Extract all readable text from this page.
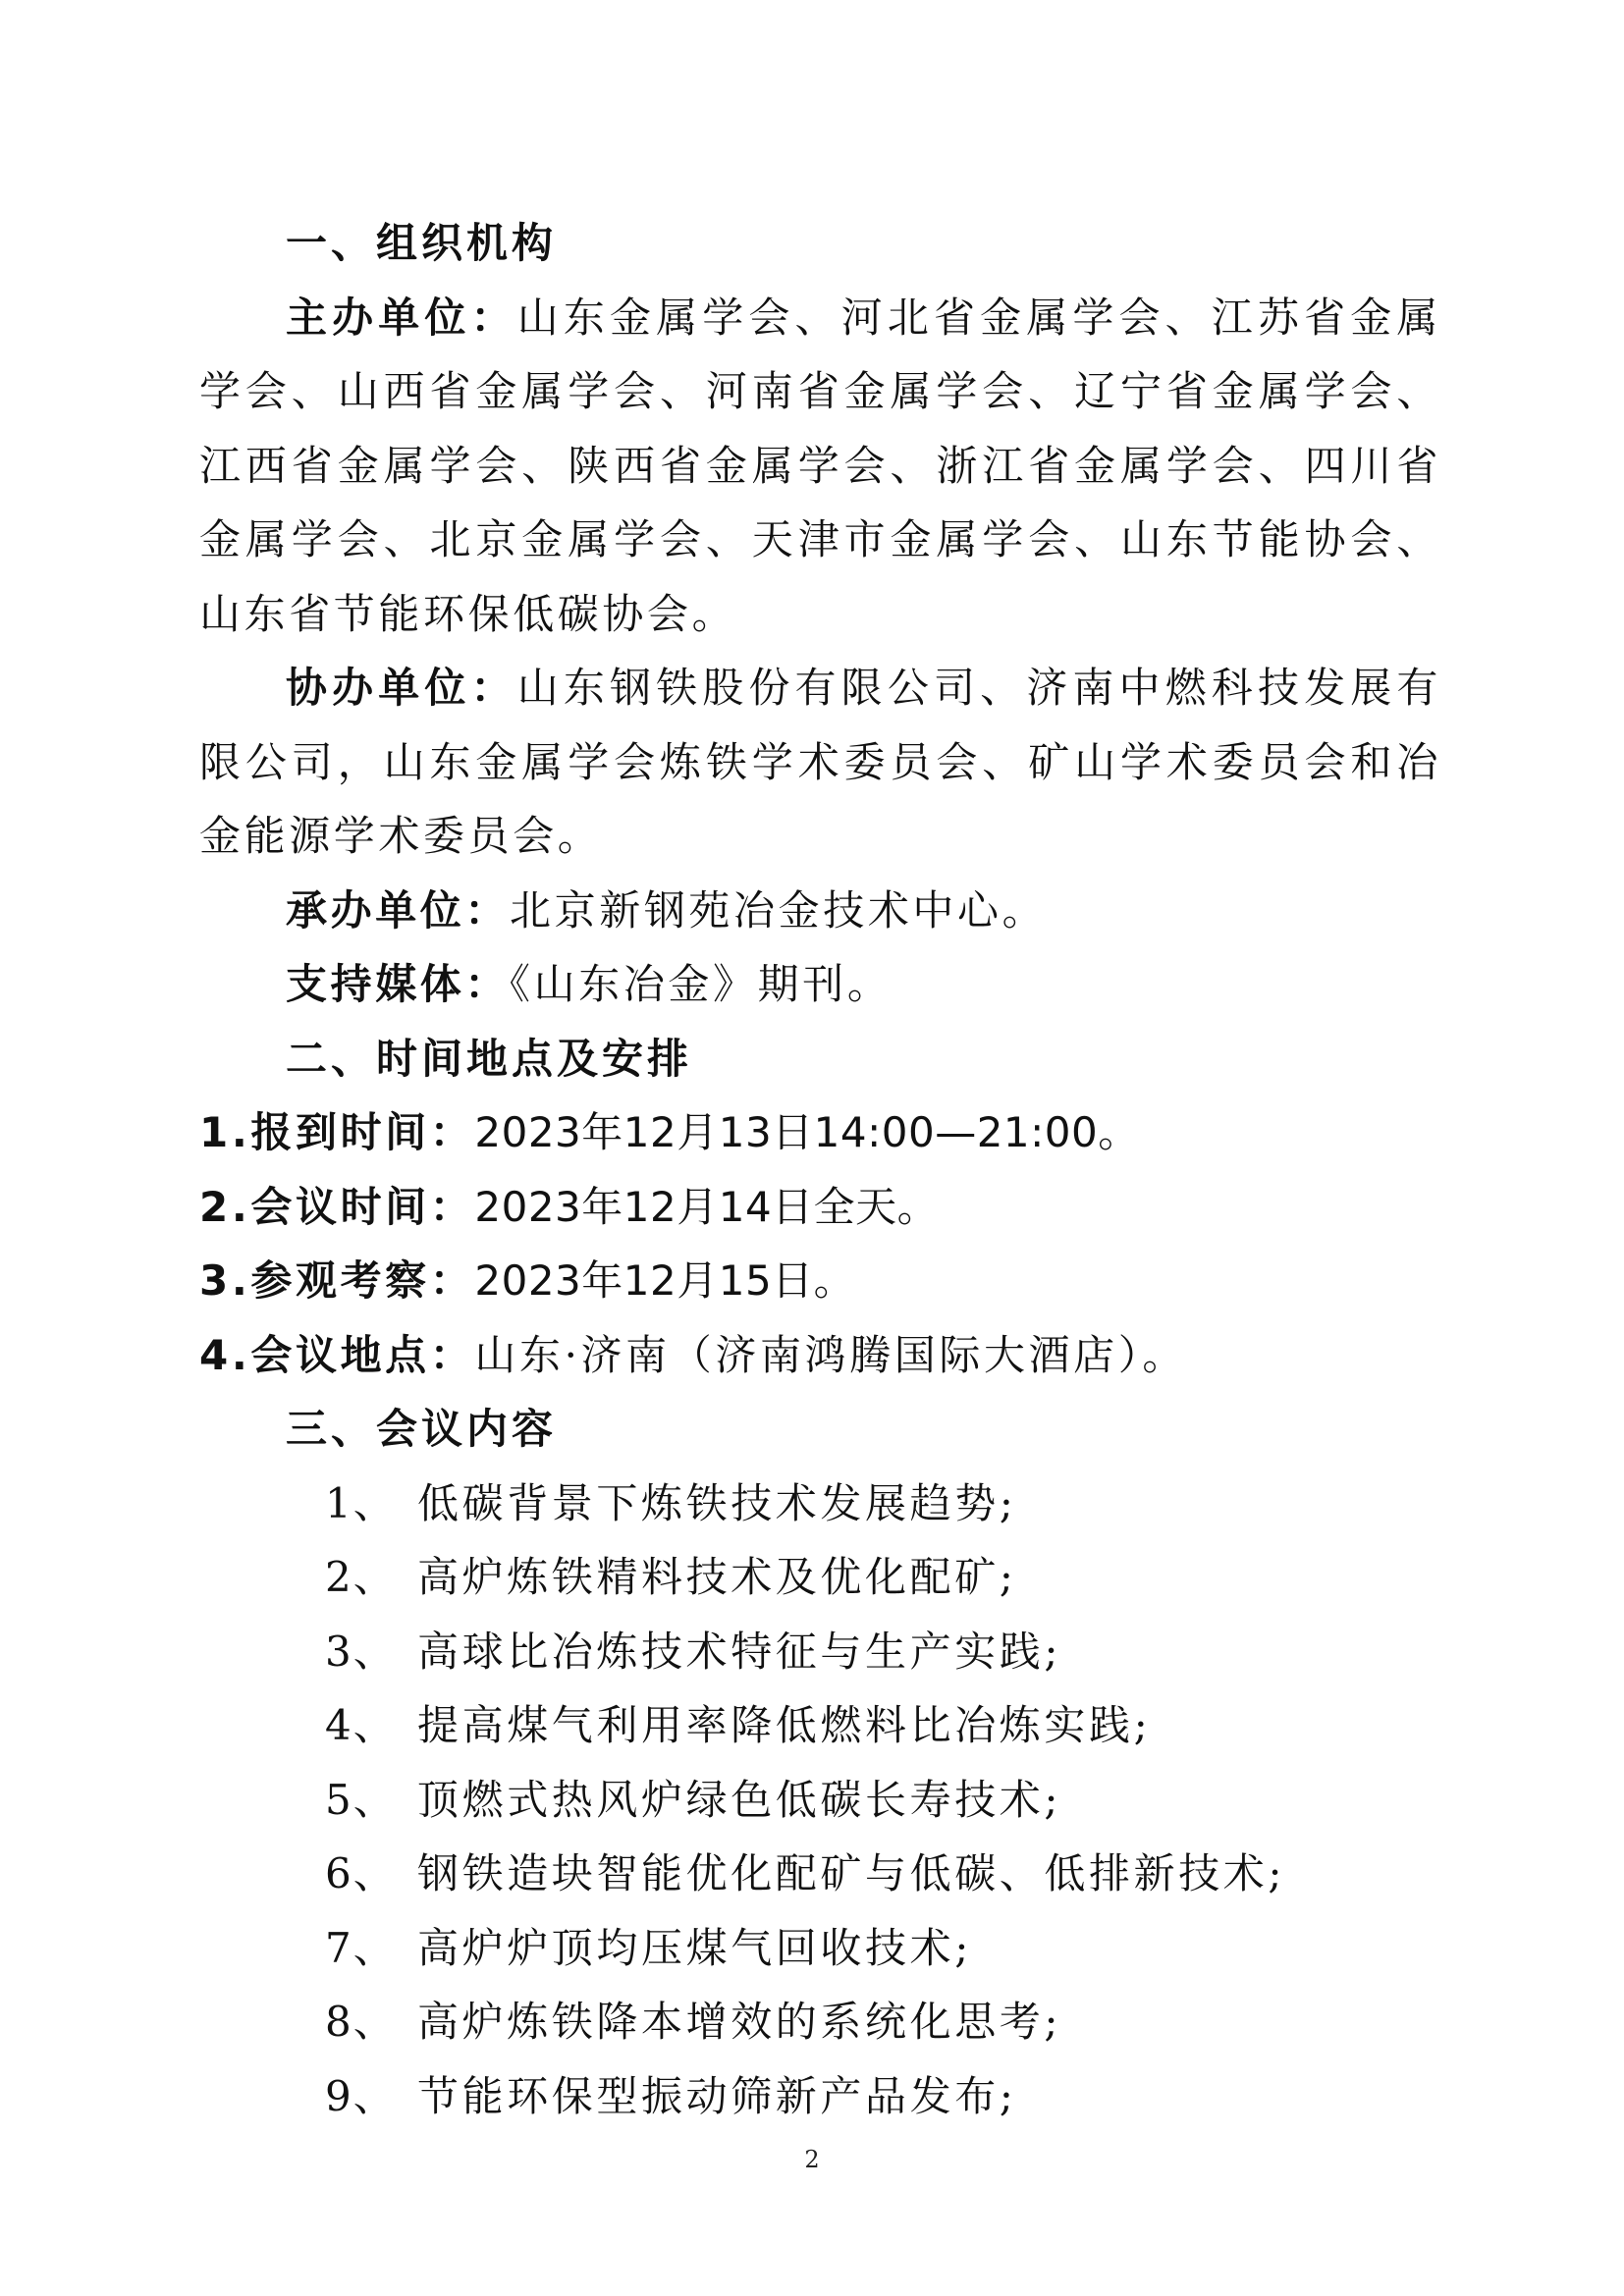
一、组织机构

主办单位：山东金属学会、河北省金属学会、江苏省金属学会、山西省金属学会、河南省金属学会、辽宁省金属学会、江西省金属学会、陕西省金属学会、浙江省金属学会、四川省金属学会、北京金属学会、天津市金属学会、山东节能协会、山东省节能环保低碳协会。

协办单位：山东钢铁股份有限公司、济南中燃科技发展有限公司，山东金属学会炼铁学术委员会、矿山学术委员会和冶金能源学术委员会。

承办单位：北京新钢苑冶金技术中心。

支持媒体：《山东冶金》期刊。

二、时间地点及安排

1.报到时间：2023年12月13日14:00—21:00。

2.会议时间：2023年12月14日全天。

3.参观考察：2023年12月15日。

4.会议地点：山东·济南（济南鸿腾国际大酒店）。

三、会议内容
1、 低碳背景下炼铁技术发展趋势;
2、 高炉炼铁精料技术及优化配矿;
3、 高球比冶炼技术特征与生产实践;
4、 提高煤气利用率降低燃料比冶炼实践;
5、 顶燃式热风炉绿色低碳长寿技术;
6、 钢铁造块智能优化配矿与低碳、低排新技术;
7、 高炉炉顶均压煤气回收技术;
8、 高炉炼铁降本增效的系统化思考;
9、 节能环保型振动筛新产品发布;
2
